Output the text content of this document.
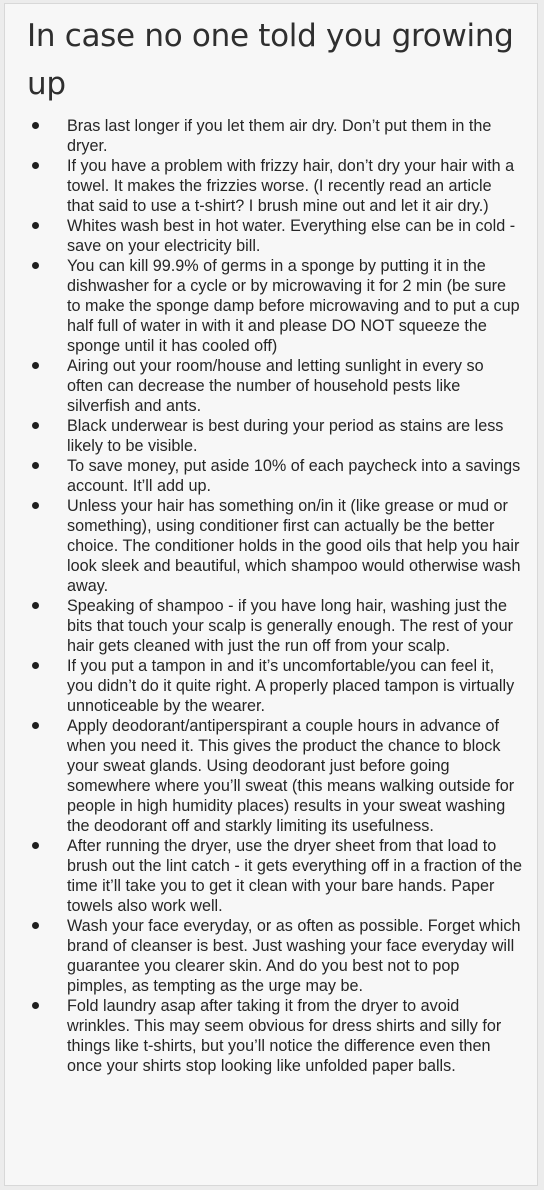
In case no one told you growing up
Bras last longer if you let them air dry. Don’t put them in the dryer.
If you have a problem with frizzy hair, don’t dry your hair with a towel. It makes the frizzies worse. (I recently read an article that said to use a t-shirt? I brush mine out and let it air dry.)
Whites wash best in hot water. Everything else can be in cold - save on your electricity bill.
You can kill 99.9% of germs in a sponge by putting it in the dishwasher for a cycle or by microwaving it for 2 min (be sure to make the sponge damp before microwaving and to put a cup half full of water in with it and please DO NOT squeeze the sponge until it has cooled off)
Airing out your room/house and letting sunlight in every so often can decrease the number of household pests like silverfish and ants.
Black underwear is best during your period as stains are less likely to be visible.
To save money, put aside 10% of each paycheck into a savings account. It’ll add up.
Unless your hair has something on/in it (like grease or mud or something), using conditioner first can actually be the better choice. The conditioner holds in the good oils that help you hair look sleek and beautiful, which shampoo would otherwise wash away.
Speaking of shampoo - if you have long hair, washing just the bits that touch your scalp is generally enough. The rest of your hair gets cleaned with just the run off from your scalp.
If you put a tampon in and it’s uncomfortable/you can feel it, you didn’t do it quite right. A properly placed tampon is virtually unnoticeable by the wearer.
Apply deodorant/antiperspirant a couple hours in advance of when you need it. This gives the product the chance to block your sweat glands. Using deodorant just before going somewhere where you’ll sweat (this means walking outside for people in high humidity places) results in your sweat washing the deodorant off and starkly limiting its usefulness.
After running the dryer, use the dryer sheet from that load to brush out the lint catch - it gets everything off in a fraction of the time it’ll take you to get it clean with your bare hands. Paper towels also work well.
Wash your face everyday, or as often as possible. Forget which brand of cleanser is best. Just washing your face everyday will guarantee you clearer skin. And do you best not to pop pimples, as tempting as the urge may be.
Fold laundry asap after taking it from the dryer to avoid wrinkles. This may seem obvious for dress shirts and silly for things like t-shirts, but you’ll notice the difference even then once your shirts stop looking like unfolded paper balls.
